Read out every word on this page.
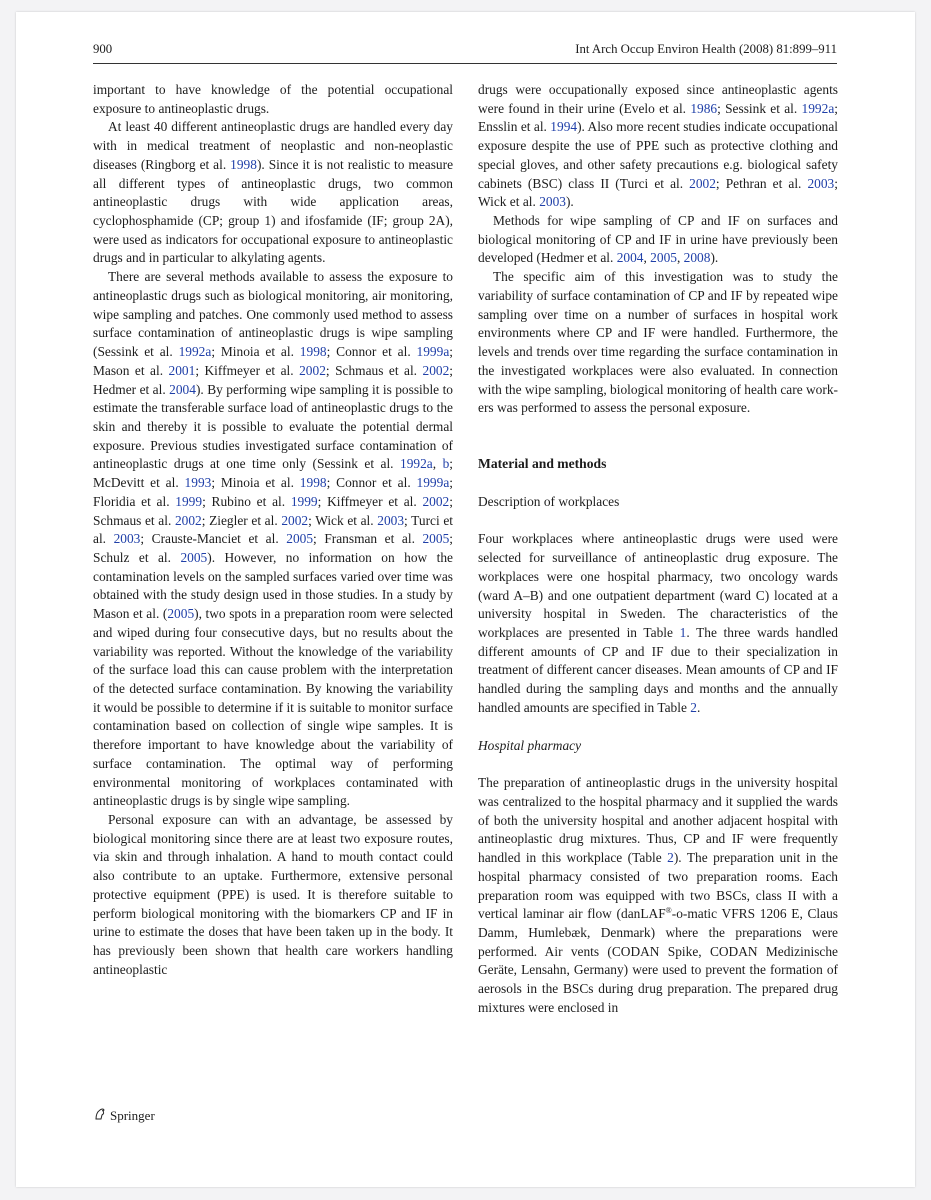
900	Int Arch Occup Environ Health (2008) 81:899–911

important to have knowledge of the potential occupational exposure to antineoplastic drugs.

At least 40 different antineoplastic drugs are handled every day with in medical treatment of neoplastic and non-neoplastic diseases (Ringborg et al. 1998). Since it is not realistic to measure all different types of antineoplastic drugs, two common antineoplastic drugs with wide application areas, cyclophosphamide (CP; group 1) and ifosfamide (IF; group 2A), were used as indicators for occupational exposure to antineoplastic drugs and in particular to alkylating agents.

There are several methods available to assess the exposure to antineoplastic drugs such as biological monitoring, air monitoring, wipe sampling and patches. One commonly used method to assess surface contamination of antineoplastic drugs is wipe sampling (Sessink et al. 1992a; Minoia et al. 1998; Connor et al. 1999a; Mason et al. 2001; Kiffmeyer et al. 2002; Schmaus et al. 2002; Hedmer et al. 2004). By performing wipe sampling it is possible to estimate the transferable surface load of antineoplastic drugs to the skin and thereby it is possible to evaluate the potential dermal exposure. Previous studies investigated surface contamination of antineoplastic drugs at one time only (Sessink et al. 1992a, b; McDevitt et al. 1993; Minoia et al. 1998; Connor et al. 1999a; Floridia et al. 1999; Rubino et al. 1999; Kiffmeyer et al. 2002; Schmaus et al. 2002; Ziegler et al. 2002; Wick et al. 2003; Turci et al. 2003; Crauste-Manciet et al. 2005; Fransman et al. 2005; Schulz et al. 2005). However, no information on how the contamination levels on the sampled surfaces varied over time was obtained with the study design used in those studies. In a study by Mason et al. (2005), two spots in a preparation room were selected and wiped during four consecutive days, but no results about the variability was reported. Without the knowledge of the variability of the surface load this can cause problem with the interpretation of the detected surface contamination. By knowing the variability it would be possible to determine if it is suitable to monitor surface contamination based on collection of single wipe samples. It is therefore important to have knowledge about the variability of surface contamination. The optimal way of performing environmental monitoring of workplaces contaminated with antineoplastic drugs is by single wipe sampling.

Personal exposure can with an advantage, be assessed by biological monitoring since there are at least two exposure routes, via skin and through inhalation. A hand to mouth contact could also contribute to an uptake. Furthermore, extensive personal protective equipment (PPE) is used. It is therefore suitable to perform biological monitoring with the biomarkers CP and IF in urine to estimate the doses that have been taken up in the body. It has previously been shown that health care workers handling antineoplastic

drugs were occupationally exposed since antineoplastic agents were found in their urine (Evelo et al. 1986; Sessink et al. 1992a; Ensslin et al. 1994). Also more recent studies indicate occupational exposure despite the use of PPE such as protective clothing and special gloves, and other safety precautions e.g. biological safety cabinets (BSC) class II (Turci et al. 2002; Pethran et al. 2003; Wick et al. 2003).

Methods for wipe sampling of CP and IF on surfaces and biological monitoring of CP and IF in urine have previously been developed (Hedmer et al. 2004, 2005, 2008).

The specific aim of this investigation was to study the variability of surface contamination of CP and IF by repeated wipe sampling over time on a number of surfaces in hospital work environments where CP and IF were handled. Furthermore, the levels and trends over time regarding the surface contamination in the investigated workplaces were also evaluated. In connection with the wipe sampling, biological monitoring of health care workers was performed to assess the personal exposure.

Material and methods
Description of workplaces

Four workplaces where antineoplastic drugs were used were selected for surveillance of antineoplastic drug exposure. The workplaces were one hospital pharmacy, two oncology wards (ward A–B) and one outpatient department (ward C) located at a university hospital in Sweden. The characteristics of the workplaces are presented in Table 1. The three wards handled different amounts of CP and IF due to their specialization in treatment of different cancer diseases. Mean amounts of CP and IF handled during the sampling days and months and the annually handled amounts are specified in Table 2.

Hospital pharmacy

The preparation of antineoplastic drugs in the university hospital was centralized to the hospital pharmacy and it supplied the wards of both the university hospital and another adjacent hospital with antineoplastic drug mixtures. Thus, CP and IF were frequently handled in this workplace (Table 2). The preparation unit in the hospital pharmacy consisted of two preparation rooms. Each preparation room was equipped with two BSCs, class II with a vertical laminar air flow (danLAF®-o-matic VFRS 1206 E, Claus Damm, Humlebæk, Denmark) where the preparations were performed. Air vents (CODAN Spike, CODAN Medizinische Geräte, Lensahn, Germany) were used to prevent the formation of aerosols in the BSCs during drug preparation. The prepared drug mixtures were enclosed in

Springer
